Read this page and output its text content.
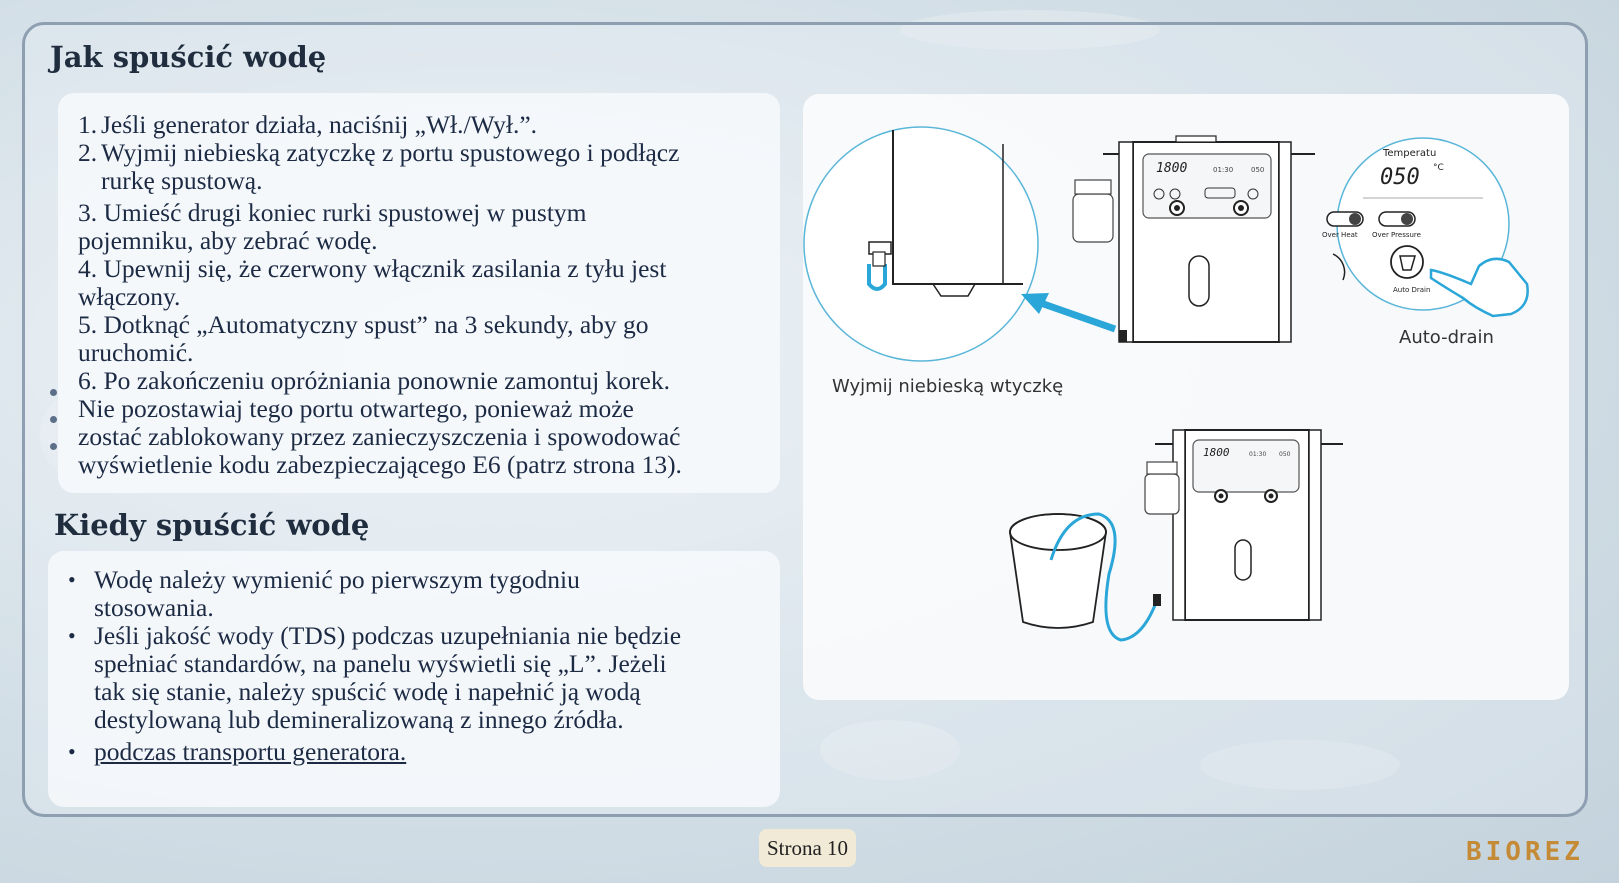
Jak spuścić wodę
1. Jeśli generator działa, naciśnij „Wł./Wył.”.
2. Wyjmij niebieską zatyczkę z portu spustowego i podłącz
rurkę spustową.
3. Umieść drugi koniec rurki spustowej w pustym
pojemniku, aby zebrać wodę.
4. Upewnij się, że czerwony włącznik zasilania z tyłu jest
włączony.
5. Dotknąć „Automatyczny spust” na 3 sekundy, aby go
uruchomić.
6. Po zakończeniu opróżniania ponownie zamontuj korek.
Nie pozostawiaj tego portu otwartego, ponieważ może
zostać zablokowany przez zanieczyszczenia i spowodować
wyświetlenie kodu zabezpieczającego E6 (patrz strona 13).
Kiedy spuścić wodę
• Wodę należy wymienić po pierwszym tygodniu
stosowania.
• Jeśli jakość wody (TDS) podczas uzupełniania nie będzie
spełniać standardów, na panelu wyświetli się „L”. Jeżeli
tak się stanie, należy spuścić wodę i napełnić ją wodą
destylowaną lub demineralizowaną z innego źródła.
• podczas transportu generatora.
1800	01:30	050
Temperatu
050 °C
Over Heat Over Pressure
Auto Drain
1800	01:30 050
Wyjmij niebieską wtyczkę
Auto-drain
Strona 10	BIOREZ
